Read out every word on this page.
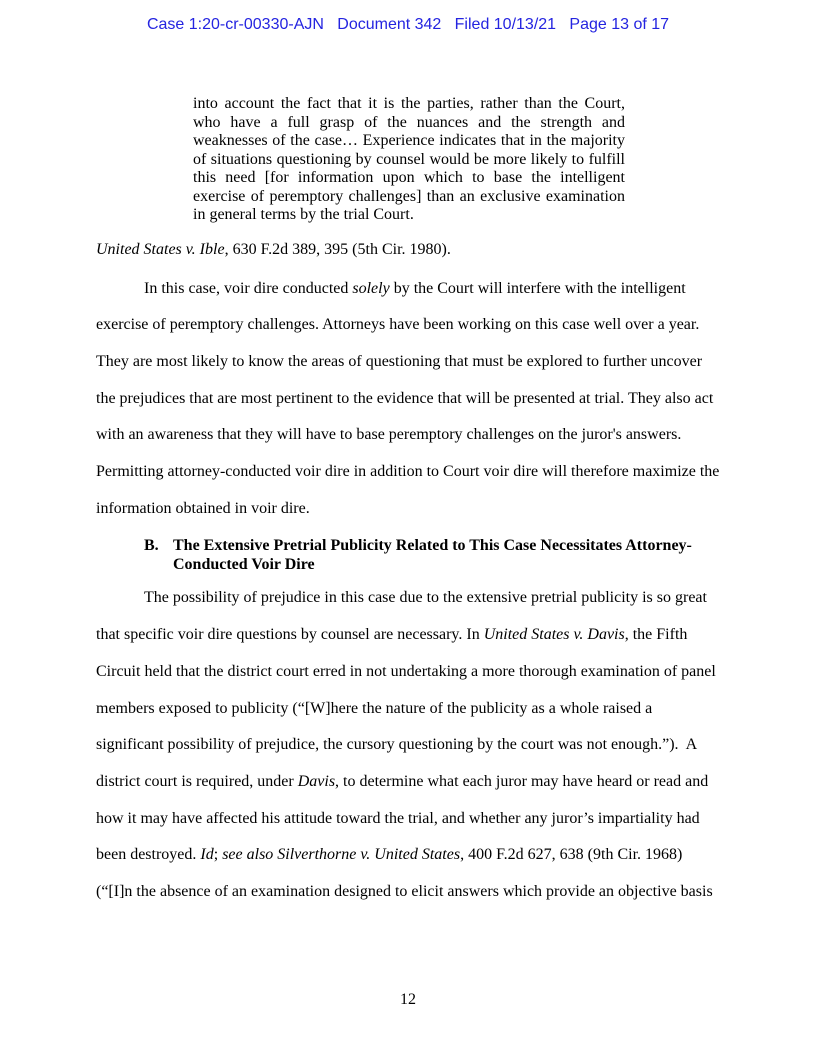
Case 1:20-cr-00330-AJN   Document 342   Filed 10/13/21   Page 13 of 17
into account the fact that it is the parties, rather than the Court, who have a full grasp of the nuances and the strength and weaknesses of the case… Experience indicates that in the majority of situations questioning by counsel would be more likely to fulfill this need [for information upon which to base the intelligent exercise of peremptory challenges] than an exclusive examination in general terms by the trial Court.
United States v. Ible, 630 F.2d 389, 395 (5th Cir. 1980).
In this case, voir dire conducted solely by the Court will interfere with the intelligent exercise of peremptory challenges. Attorneys have been working on this case well over a year. They are most likely to know the areas of questioning that must be explored to further uncover the prejudices that are most pertinent to the evidence that will be presented at trial. They also act with an awareness that they will have to base peremptory challenges on the juror's answers. Permitting attorney-conducted voir dire in addition to Court voir dire will therefore maximize the information obtained in voir dire.
B. The Extensive Pretrial Publicity Related to This Case Necessitates Attorney-Conducted Voir Dire
The possibility of prejudice in this case due to the extensive pretrial publicity is so great that specific voir dire questions by counsel are necessary. In United States v. Davis, the Fifth Circuit held that the district court erred in not undertaking a more thorough examination of panel members exposed to publicity (“[W]here the nature of the publicity as a whole raised a significant possibility of prejudice, the cursory questioning by the court was not enough.”).  A district court is required, under Davis, to determine what each juror may have heard or read and how it may have affected his attitude toward the trial, and whether any juror’s impartiality had been destroyed. Id; see also Silverthorne v. United States, 400 F.2d 627, 638 (9th Cir. 1968) (“[I]n the absence of an examination designed to elicit answers which provide an objective basis
12
